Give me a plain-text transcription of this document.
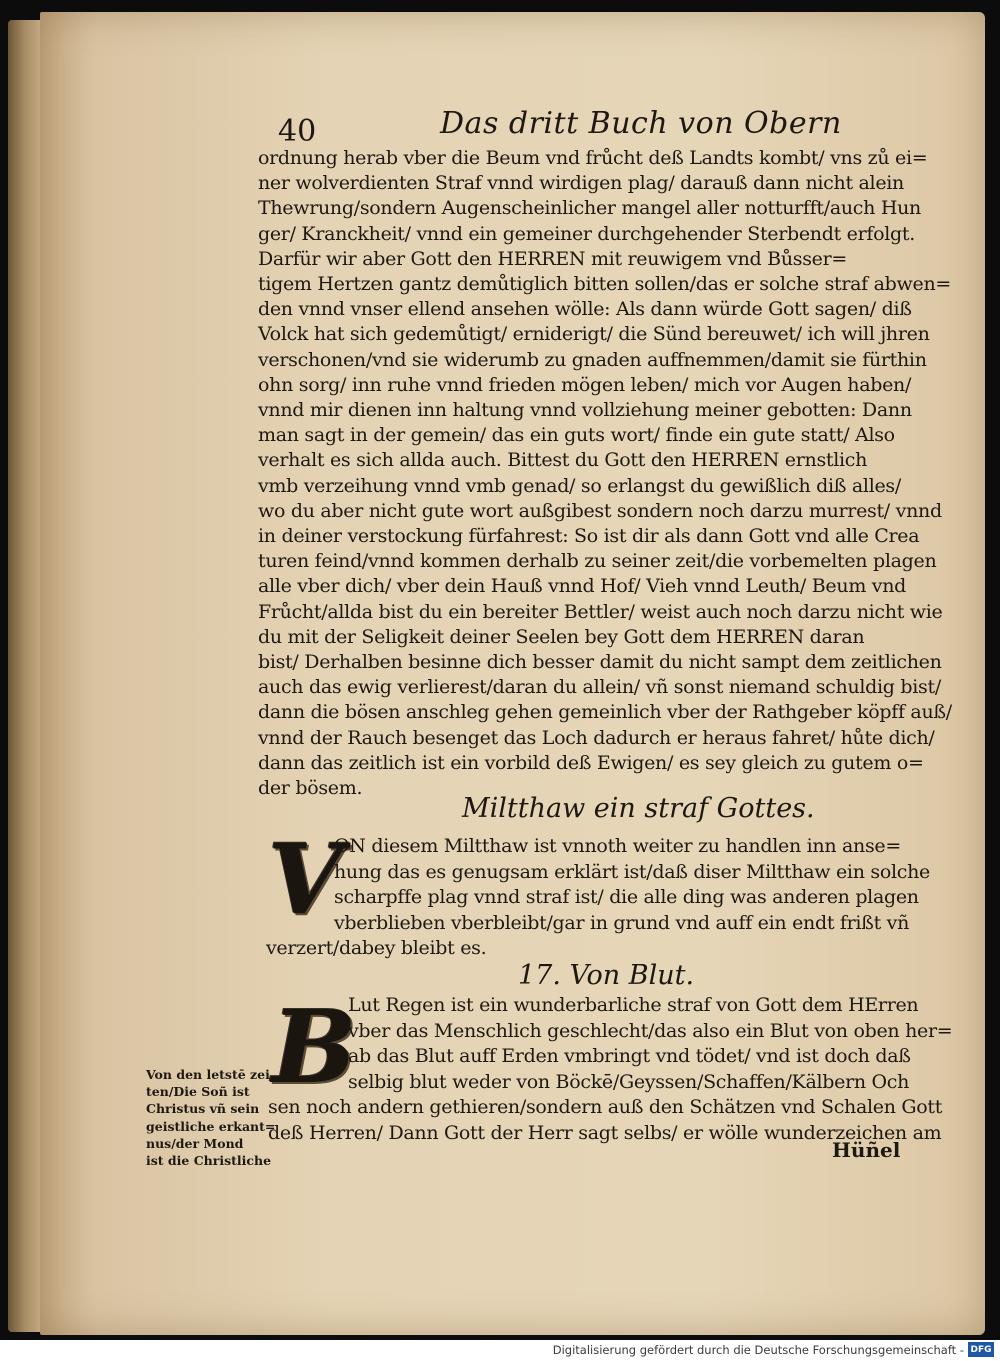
40	Das dritt Buch von Obern
ordnung herab vber die Beum vnd frůcht deß Landts kombt/ vns zů ei=
ner wolverdienten Straf vnnd wirdigen plag/ darauß dann nicht alein
Thewrung/sondern Augenscheinlicher mangel aller notturfft/auch Hun
ger/ Kranckheit/ vnnd ein gemeiner durchgehender Sterbendt erfolgt.
Darfür wir aber Gott den HERREN mit reuwigem vnd Bůsser=
tigem Hertzen gantz demůtiglich bitten sollen/das er solche straf abwen=
den vnnd vnser ellend ansehen wölle: Als dann würde Gott sagen/ diß
Volck hat sich gedemůtigt/ erniderigt/ die Sünd bereuwet/ ich will jhren
verschonen/vnd sie widerumb zu gnaden auffnemmen/damit sie fürthin
ohn sorg/ inn ruhe vnnd frieden mögen leben/ mich vor Augen haben/
vnnd mir dienen inn haltung vnnd vollziehung meiner gebotten: Dann
man sagt in der gemein/ das ein guts wort/ finde ein gute statt/ Also
verhalt es sich allda auch. Bittest du Gott den HERREN ernstlich
vmb verzeihung vnnd vmb genad/ so erlangst du gewißlich diß alles/
wo du aber nicht gute wort außgibest sondern noch darzu murrest/ vnnd
in deiner verstockung fürfahrest: So ist dir als dann Gott vnd alle Crea
turen feind/vnnd kommen derhalb zu seiner zeit/die vorbemelten plagen
alle vber dich/ vber dein Hauß vnnd Hof/ Vieh vnnd Leuth/ Beum vnd
Frůcht/allda bist du ein bereiter Bettler/ weist auch noch darzu nicht wie
du mit der Seligkeit deiner Seelen bey Gott dem HERREN daran
bist/ Derhalben besinne dich besser damit du nicht sampt dem zeitlichen
auch das ewig verlierest/daran du allein/ vñ sonst niemand schuldig bist/
dann die bösen anschleg gehen gemeinlich vber der Rathgeber köpff auß/
vnnd der Rauch besenget das Loch dadurch er heraus fahret/ hůte dich/
dann das zeitlich ist ein vorbild deß Ewigen/ es sey gleich zu gutem o=
der bösem.
Miltthaw ein straf Gottes.
V
ON diesem Miltthaw ist vnnoth weiter zu handlen inn anse=
hung das es genugsam erklärt ist/daß diser Miltthaw ein solche
scharpffe plag vnnd straf ist/ die alle ding was anderen plagen
vberblieben vberbleibt/gar in grund vnd auff ein endt frißt vñ
verzert/dabey bleibt es.
17. Von Blut.
B
Lut Regen ist ein wunderbarliche straf von Gott dem HErren
vber das Menschlich geschlecht/das also ein Blut von oben her=
ab das Blut auff Erden vmbringt vnd tödet/ vnd ist doch daß
selbig blut weder von Böckē/Geyssen/Schaffen/Kälbern Och
sen noch andern gethieren/sondern auß den Schätzen vnd Schalen Gott
deß Herren/ Dann Gott der Herr sagt selbs/ er wölle wunderzeichen am
Von den letstē zei
ten/Die Soñ ist
Christus vñ sein
geistliche erkant=
nus/der Mond
ist die Christliche	Hüñel
Digitalisierung gefördert durch die Deutsche Forschungsgemeinschaft - DFG
